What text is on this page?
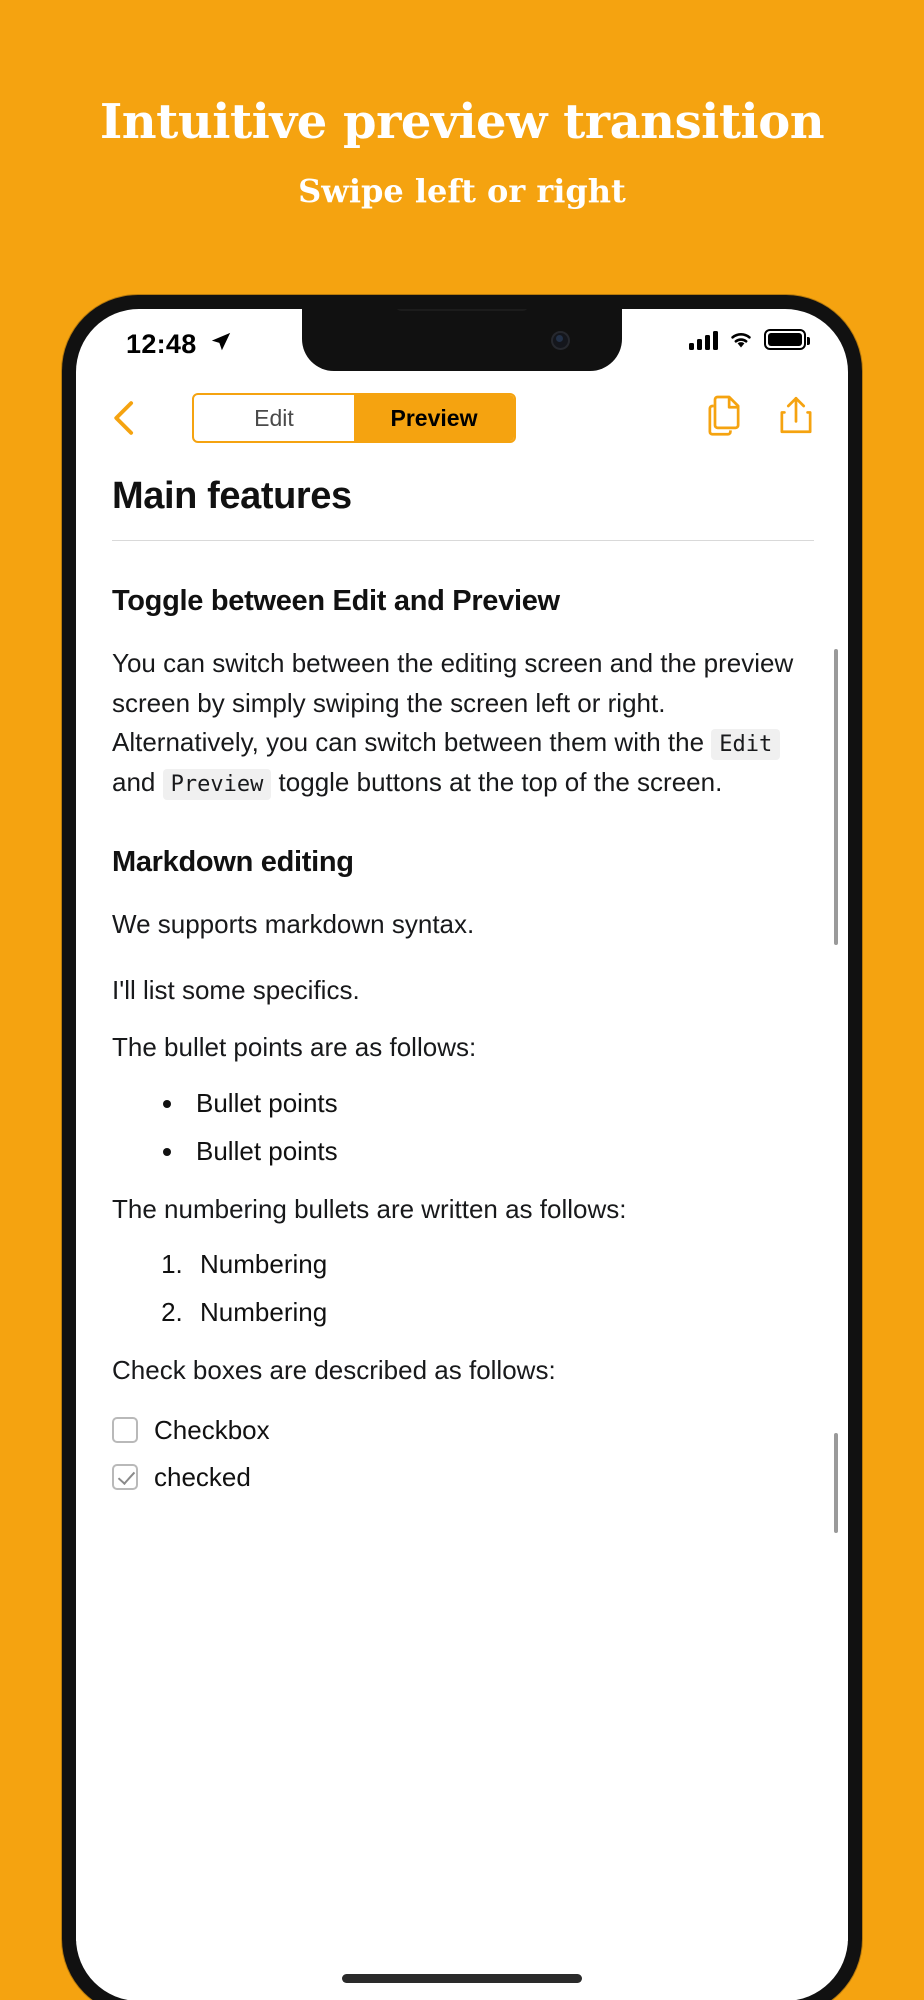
Intuitive preview transition
Swipe left or right
12:48
Edit	Preview
Main features
Toggle between Edit and Preview

You can switch between the editing screen and the preview screen by simply swiping the screen left or right. Alternatively, you can switch between them with the Edit and Preview toggle buttons at the top of the screen.

Markdown editing

We supports markdown syntax.

I'll list some specifics.

The bullet points are as follows:

• Bullet points
• Bullet points

The numbering bullets are written as follows:

1. Numbering
2. Numbering

Check boxes are described as follows:

Checkbox
checked
